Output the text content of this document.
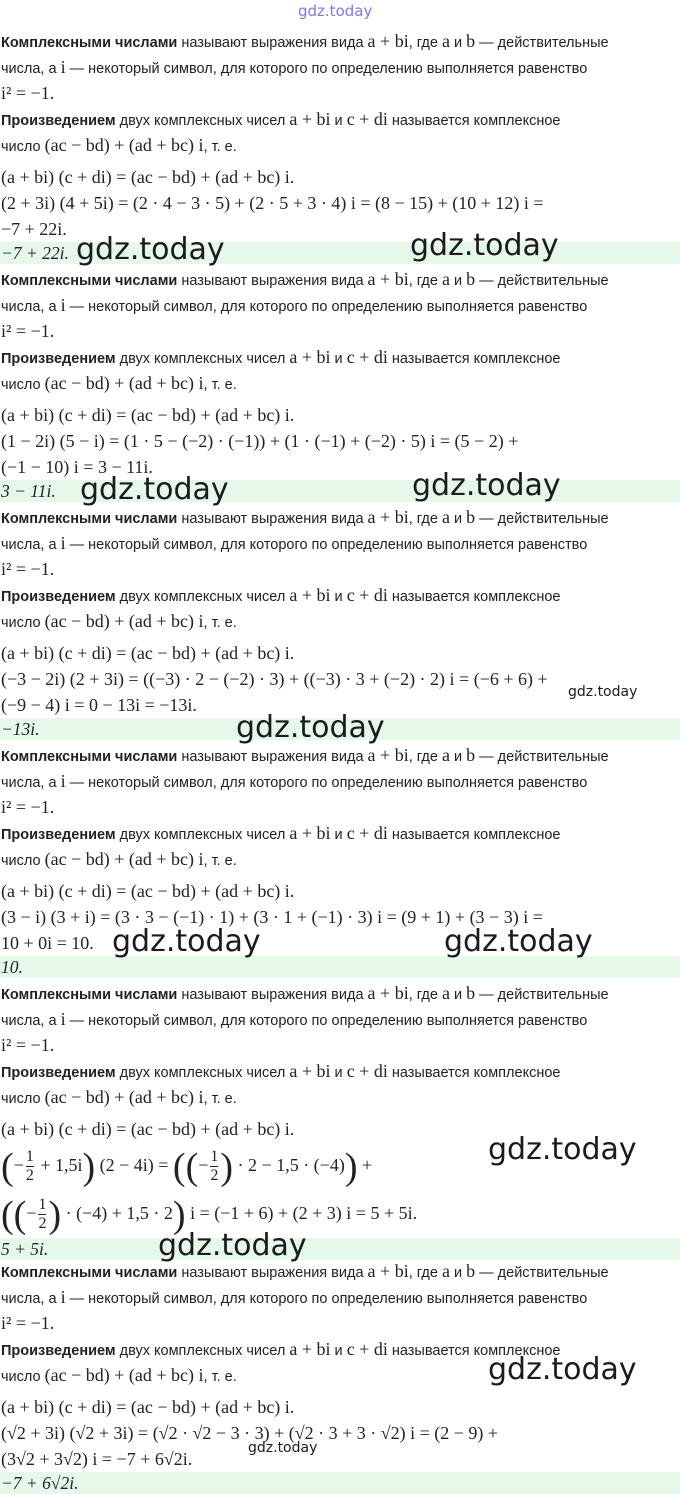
gdz.today
Комплексными числами называют выражения вида a + bi, где a и b — действительные
числа, а i — некоторый символ, для которого по определению выполняется равенство
i² = −1.
Произведением двух комплексных чисел a + bi и c + di называется комплексное
число (ac − bd) + (ad + bc) i, т. е.
(a + bi) (c + di) = (ac − bd) + (ad + bc) i.
(2 + 3i) (4 + 5i) = (2 · 4 − 3 · 5) + (2 · 5 + 3 · 4) i = (8 − 15) + (10 + 12) i =
−7 + 22i.
−7 + 22i.
Комплексными числами называют выражения вида a + bi, где a и b — действительные
числа, а i — некоторый символ, для которого по определению выполняется равенство
i² = −1.
Произведением двух комплексных чисел a + bi и c + di называется комплексное
число (ac − bd) + (ad + bc) i, т. е.
(a + bi) (c + di) = (ac − bd) + (ad + bc) i.
(1 − 2i) (5 − i) = (1 · 5 − (−2) · (−1)) + (1 · (−1) + (−2) · 5) i = (5 − 2) +
(−1 − 10) i = 3 − 11i.
3 − 11i.
Комплексными числами называют выражения вида a + bi, где a и b — действительные
числа, а i — некоторый символ, для которого по определению выполняется равенство
i² = −1.
Произведением двух комплексных чисел a + bi и c + di называется комплексное
число (ac − bd) + (ad + bc) i, т. е.
(a + bi) (c + di) = (ac − bd) + (ad + bc) i.
(−3 − 2i) (2 + 3i) = ((−3) · 2 − (−2) · 3) + ((−3) · 3 + (−2) · 2) i = (−6 + 6) +
(−9 − 4) i = 0 − 13i = −13i.
−13i.
Комплексными числами называют выражения вида a + bi, где a и b — действительные
числа, а i — некоторый символ, для которого по определению выполняется равенство
i² = −1.
Произведением двух комплексных чисел a + bi и c + di называется комплексное
число (ac − bd) + (ad + bc) i, т. е.
(a + bi) (c + di) = (ac − bd) + (ad + bc) i.
(3 − i) (3 + i) = (3 · 3 − (−1) · 1) + (3 · 1 + (−1) · 3) i = (9 + 1) + (3 − 3) i =
10 + 0i = 10.
10.
Комплексными числами называют выражения вида a + bi, где a и b — действительные
числа, а i — некоторый символ, для которого по определению выполняется равенство
i² = −1.
Произведением двух комплексных чисел a + bi и c + di называется комплексное
число (ac − bd) + (ad + bc) i, т. е.
(a + bi) (c + di) = (ac − bd) + (ad + bc) i.
(− $\frac{1}{2} + 1,5i$) (2 − 4i) = ((− $\frac{1}{2}$ ) · 2 − 1,5 · (−4)) +
((− $\frac{1}{2}$ ) · (−4) + 1,5 · 2) i = (−1 + 6) + (2 + 3) i = 5 + 5i.
5 + 5i.
Комплексными числами называют выражения вида a + bi, где a и b — действительные
числа, а i — некоторый символ, для которого по определению выполняется равенство
i² = −1.
Произведением двух комплексных чисел a + bi и c + di называется комплексное
число (ac − bd) + (ad + bc) i, т. е.
(a + bi) (c + di) = (ac − bd) + (ad + bc) i.
(√2 + 3i) (√2 + 3i) = (√2 · √2 − 3 · 3) + (√2 · 3 + 3 · √2) i = (2 − 9) +
(3√2 + 3√2) i = −7 + 6√2i.
−7 + 6√2i.
gdz.today	gdz.today
gdz.today	gdz.today
gdz.today
gdz.today
gdz.today	gdz.today
gdz.today
gdz.today
gdz.today
gdz.today
